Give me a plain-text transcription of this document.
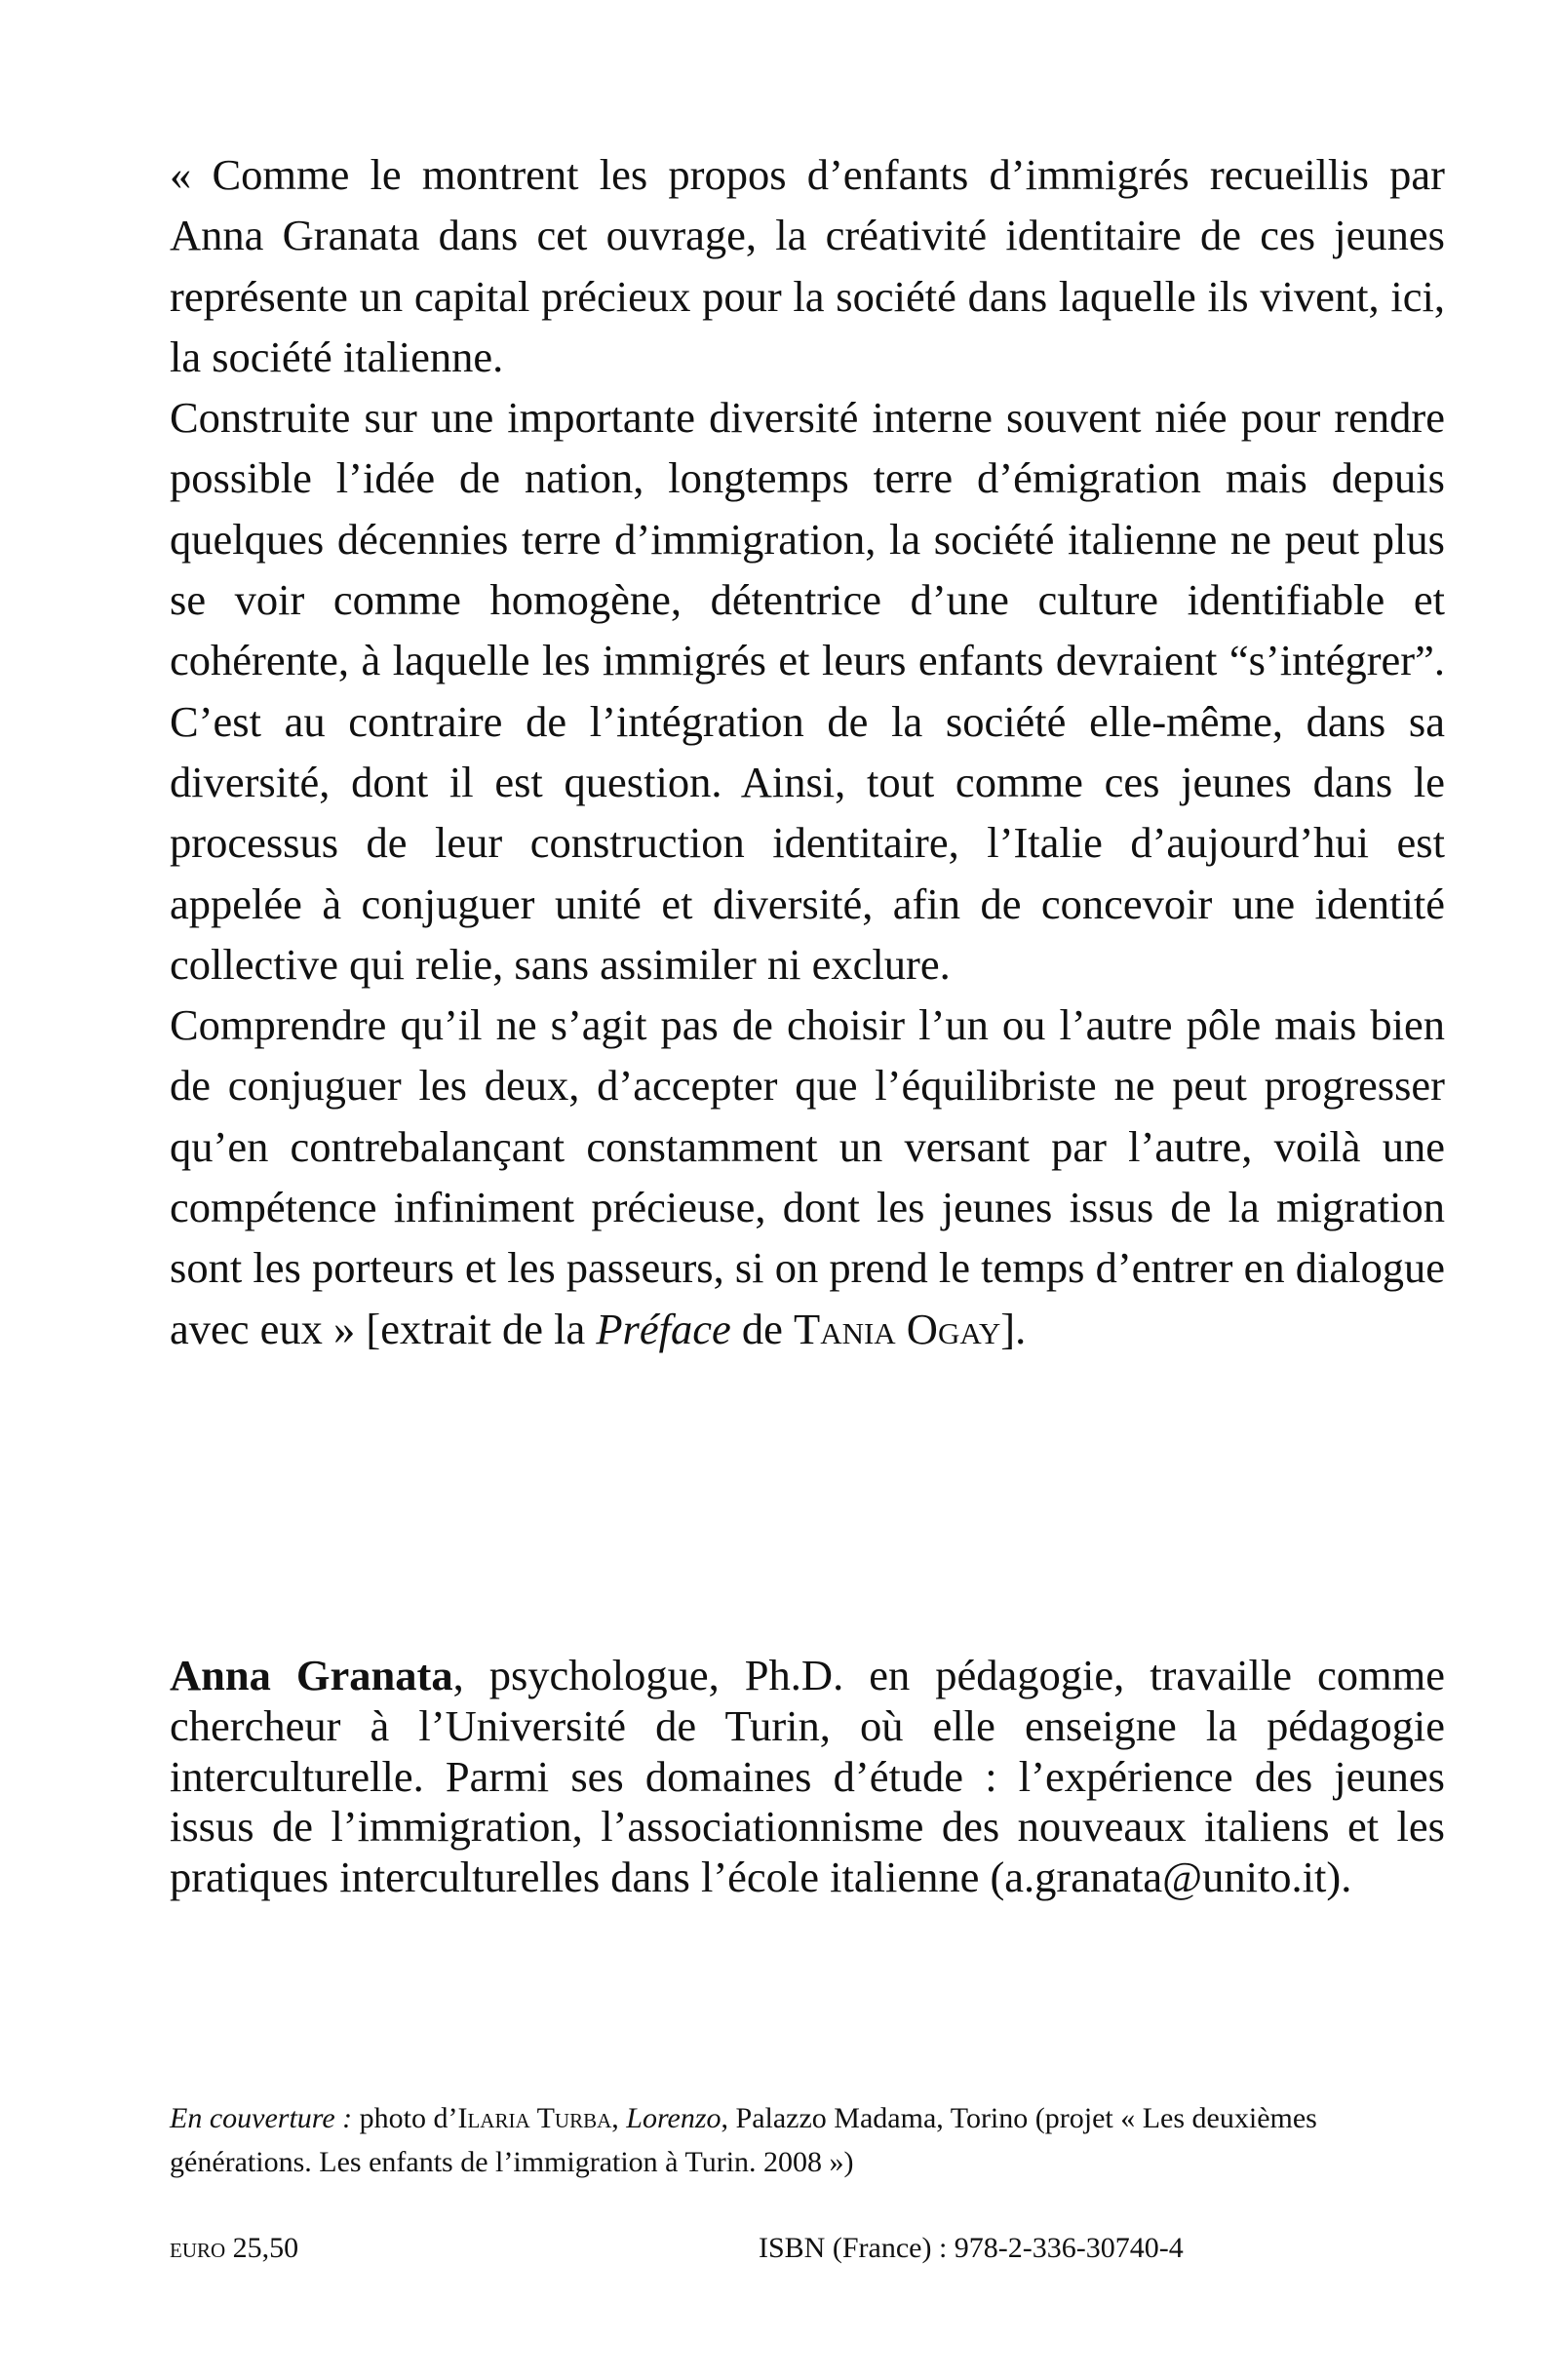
« Comme le montrent les propos d’enfants d’immigrés recueillis par Anna Granata dans cet ouvrage, la créativité identitaire de ces jeunes représente un capital précieux pour la société dans laquelle ils vivent, ici, la société italienne.

Construite sur une importante diversité interne souvent niée pour rendre possible l’idée de nation, longtemps terre d’émigration mais depuis quelques décennies terre d’immigration, la société italienne ne peut plus se voir comme homogène, détentrice d’une culture identifiable et cohérente, à laquelle les immigrés et leurs enfants devraient “s’intégrer”. C’est au contraire de l’intégration de la société elle-même, dans sa diversité, dont il est question. Ainsi, tout comme ces jeunes dans le processus de leur construction identitaire, l’Italie d’aujourd’hui est appelée à conjuguer unité et diversité, afin de concevoir une identité collective qui relie, sans assimiler ni exclure.

Comprendre qu’il ne s’agit pas de choisir l’un ou l’autre pôle mais bien de conjuguer les deux, d’accepter que l’équilibriste ne peut progresser qu’en contrebalançant constamment un versant par l’autre, voilà une compétence infiniment précieuse, dont les jeunes issus de la migration sont les porteurs et les passeurs, si on prend le temps d’entrer en dialogue avec eux » [extrait de la Préface de Tania Ogay].

Anna Granata, psychologue, Ph.D. en pédagogie, travaille comme chercheur à l’Université de Turin, où elle enseigne la pédagogie interculturelle. Parmi ses domaines d’étude : l’expérience des jeunes issus de l’immigration, l’associationnisme des nouveaux italiens et les pratiques interculturelles dans l’école italienne (a.granata@unito.it).

En couverture : photo d’Ilaria Turba, Lorenzo, Palazzo Madama, Torino (projet « Les deuxièmes générations. Les enfants de l’immigration à Turin. 2008 »)

euro 25,50	ISBN (France) : 978-2-336-30740-4
